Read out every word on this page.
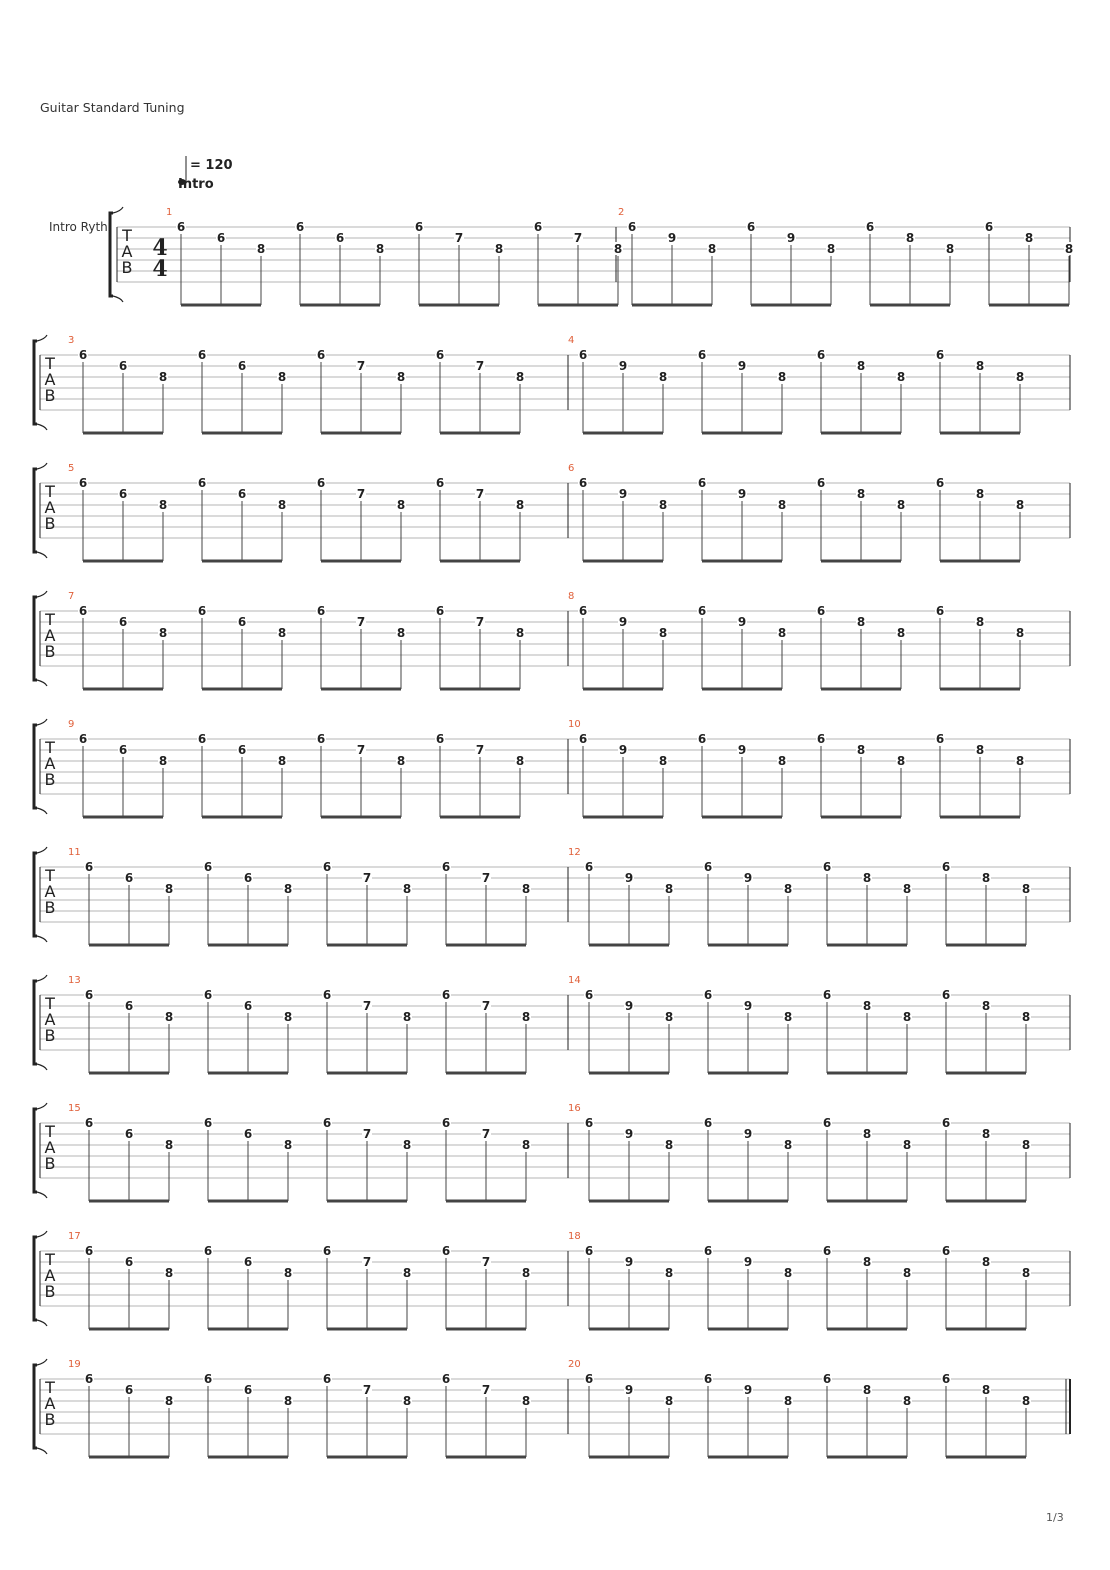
Guitar Standard Tuning
= 120
Intro
Intro Ryth T
A
B
4
4
1
6
6
8
6
6
8
6
7
8
6
7
8
2
6
9
8
6
9
8
6
8
8
6
8
8
T
A
B
3
6
6
8
6
6
8
6
7
8
6
7
8
4
6
9
8
6
9
8
6
8
8
6
8
8
T
A
B
5
6
6
8
6
6
8
6
7
8
6
7
8
6
6
9
8
6
9
8
6
8
8
6
8
8
T
A
B
7
6
6
8
6
6
8
6
7
8
6
7
8
8
6
9
8
6
9
8
6
8
8
6
8
8
T
A
B
9
6
6
8
6
6
8
6
7
8
6
7
8
10
6
9
8
6
9
8
6
8
8
6
8
8
T
A
B
11
6
6
8
6
6
8
6
7
8
6
7
8
12
6
9
8
6
9
8
6
8
8
6
8
8
T
A
B
13
6
6
8
6
6
8
6
7
8
6
7
8
14
6
9
8
6
9
8
6
8
8
6
8
8
T
A
B
15
6
6
8
6
6
8
6
7
8
6
7
8
16
6
9
8
6
9
8
6
8
8
6
8
8
T
A
B
17
6
6
8
6
6
8
6
7
8
6
7
8
18
6
9
8
6
9
8
6
8
8
6
8
8
T
A
B
19
6
6
8
6
6
8
6
7
8
6
7
8
20
6
9
8
6
9
8
6
8
8
6
8
8
1/3
